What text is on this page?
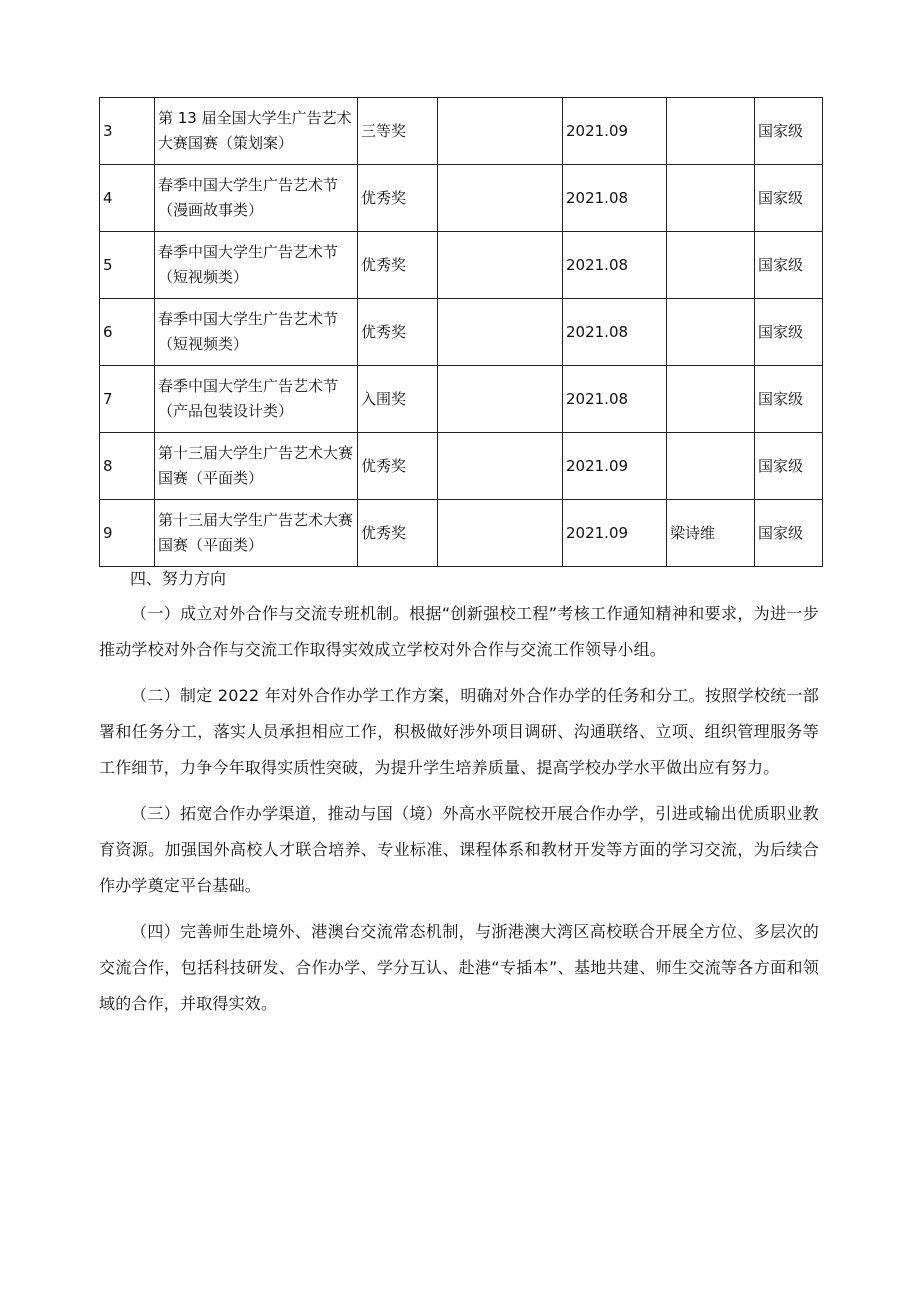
3	第 13 届全国大学生广告艺术大赛国赛（策划案）	三等奖		2021.09		国家级
4	春季中国大学生广告艺术节（漫画故事类）	优秀奖		2021.08		国家级
5	春季中国大学生广告艺术节（短视频类）	优秀奖		2021.08		国家级
6	春季中国大学生广告艺术节（短视频类）	优秀奖		2021.08		国家级
7	春季中国大学生广告艺术节（产品包装设计类）	入围奖		2021.08		国家级
8	第十三届大学生广告艺术大赛国赛（平面类）	优秀奖		2021.09		国家级
9	第十三届大学生广告艺术大赛国赛（平面类）	优秀奖		2021.09	梁诗维	国家级
四、努力方向

（一）成立对外合作与交流专班机制。根据“创新强校工程”考核工作通知精神和要求，为进一步推动学校对外合作与交流工作取得实效成立学校对外合作与交流工作领导小组。

（二）制定 2022 年对外合作办学工作方案，明确对外合作办学的任务和分工。按照学校统一部署和任务分工，落实人员承担相应工作，积极做好涉外项目调研、沟通联络、立项、组织管理服务等工作细节，力争今年取得实质性突破，为提升学生培养质量、提高学校办学水平做出应有努力。

（三）拓宽合作办学渠道，推动与国（境）外高水平院校开展合作办学，引进或输出优质职业教育资源。加强国外高校人才联合培养、专业标准、课程体系和教材开发等方面的学习交流，为后续合作办学奠定平台基础。

（四）完善师生赴境外、港澳台交流常态机制，与浙港澳大湾区高校联合开展全方位、多层次的交流合作，包括科技研发、合作办学、学分互认、赴港“专插本”、基地共建、师生交流等各方面和领域的合作，并取得实效。
